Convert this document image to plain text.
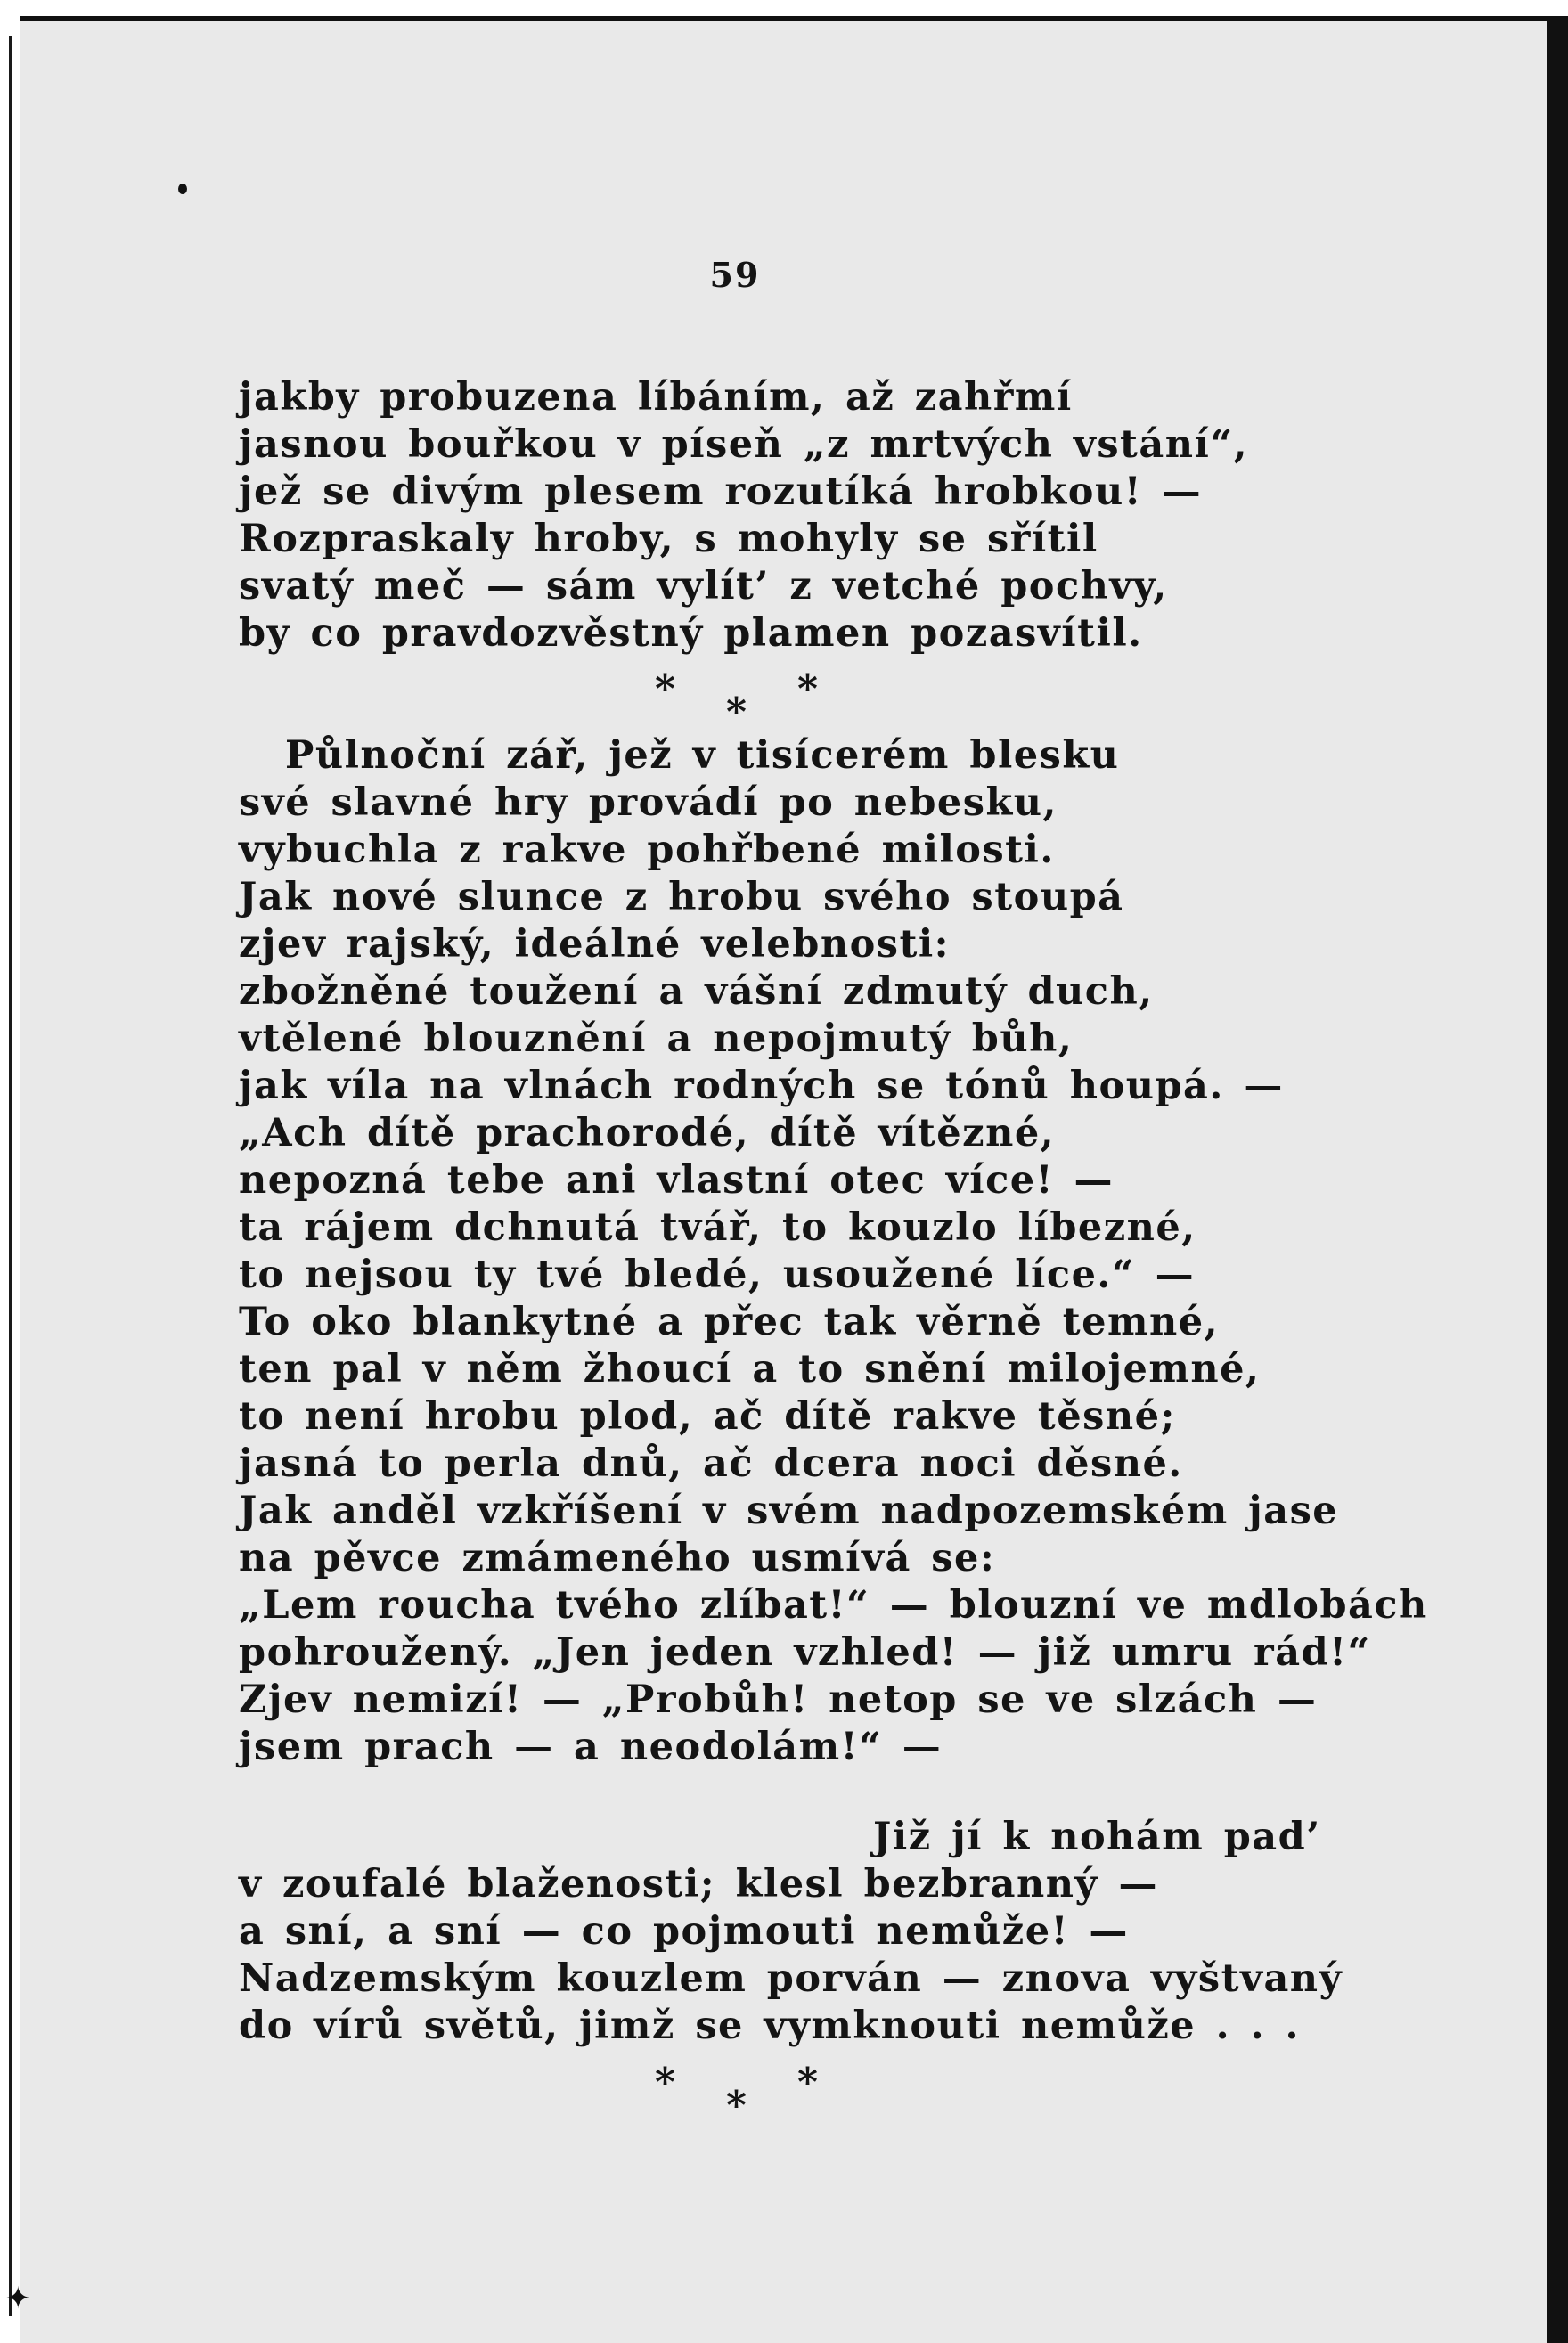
✦
59
jakby probuzena líbáním, až zahřmí
jasnou bouřkou v píseň „z mrtvých vstání“,
jež se divým plesem rozutíká hrobkou! —
Rozpraskaly hroby, s mohyly se sřítil
svatý meč — sám vylít’ z vetché pochvy,
by co pravdozvěstný plamen pozasvítil.
*
*
*
Půlnoční zář, jež v tisícerém blesku
své slavné hry provádí po nebesku,
vybuchla z rakve pohřbené milosti.
Jak nové slunce z hrobu svého stoupá
zjev rajský, ideálné velebnosti:
zbožněné toužení a vášní zdmutý duch,
vtělené blouznění a nepojmutý bůh,
jak víla na vlnách rodných se tónů houpá. —
„Ach dítě prachorodé, dítě vítězné,
nepozná tebe ani vlastní otec více! —
ta rájem dchnutá tvář, to kouzlo líbezné,
to nejsou ty tvé bledé, usoužené líce.“ —
To oko blankytné a přec tak věrně temné,
ten pal v něm žhoucí a to snění milojemné,
to není hrobu plod, ač dítě rakve těsné;
jasná to perla dnů, ač dcera noci děsné.
Jak anděl vzkříšení v svém nadpozemském jase
na pěvce zmámeného usmívá se:
„Lem roucha tvého zlíbat!“ — blouzní ve mdlobách
pohroužený. „Jen jeden vzhled! — již umru rád!“
Zjev nemizí! — „Probůh! netop se ve slzách —
jsem prach — a neodolám!“ —
Již jí k nohám pad’
v zoufalé blaženosti; klesl bezbranný —
a sní, a sní — co pojmouti nemůže! —
Nadzemským kouzlem porván — znova vyštvaný
do vírů světů, jimž se vymknouti nemůže . . .
*
*
*
